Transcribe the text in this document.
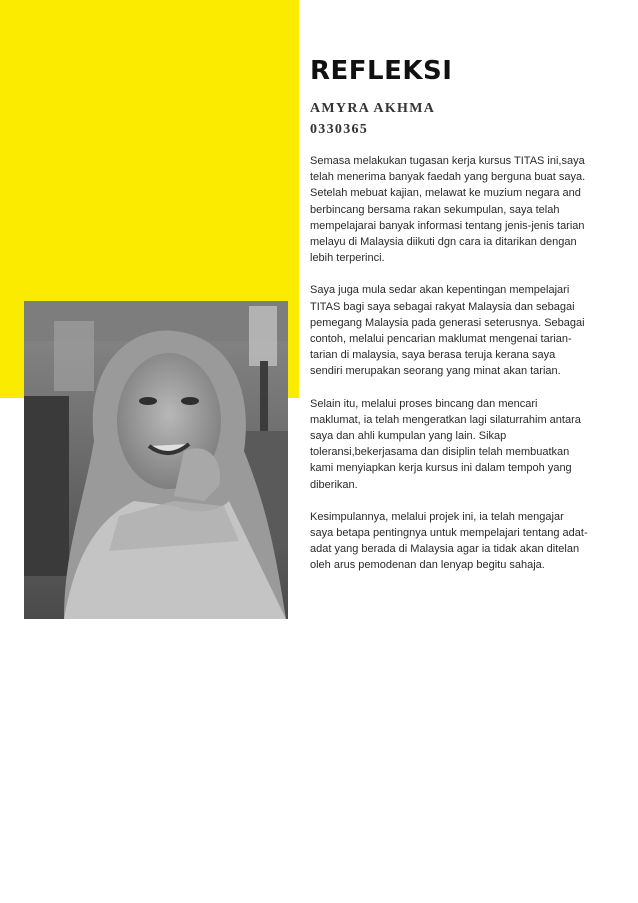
REFLEKSI
AMYRA AKHMA
0330365

Semasa melakukan tugasan kerja kursus TITAS ini,saya telah menerima banyak faedah yang berguna buat saya. Setelah mebuat kajian, melawat ke muzium negara and berbincang bersama rakan sekumpulan, saya telah mempelajarai banyak informasi tentang jenis-jenis tarian melayu di Malaysia diikuti dgn cara ia ditarikan dengan lebih terperinci.

Saya juga mula sedar akan kepentingan mempelajari TITAS bagi saya sebagai rakyat Malaysia dan sebagai pemegang Malaysia pada generasi seterusnya. Sebagai contoh, melalui pencarian maklumat mengenai tarian-tarian di malaysia, saya berasa teruja kerana saya sendiri merupakan seorang yang minat akan tarian.

Selain itu, melalui proses bincang dan mencari maklumat, ia telah mengeratkan lagi silaturrahim antara saya dan ahli kumpulan yang lain. Sikap toleransi,bekerjasama dan disiplin telah membuatkan kami menyiapkan kerja kursus ini dalam tempoh yang diberikan.

Kesimpulannya, melalui projek ini, ia telah mengajar saya betapa pentingnya untuk mempelajari tentang adat-adat yang berada di Malaysia agar ia tidak akan ditelan oleh arus pemodenan dan lenyap begitu sahaja.
